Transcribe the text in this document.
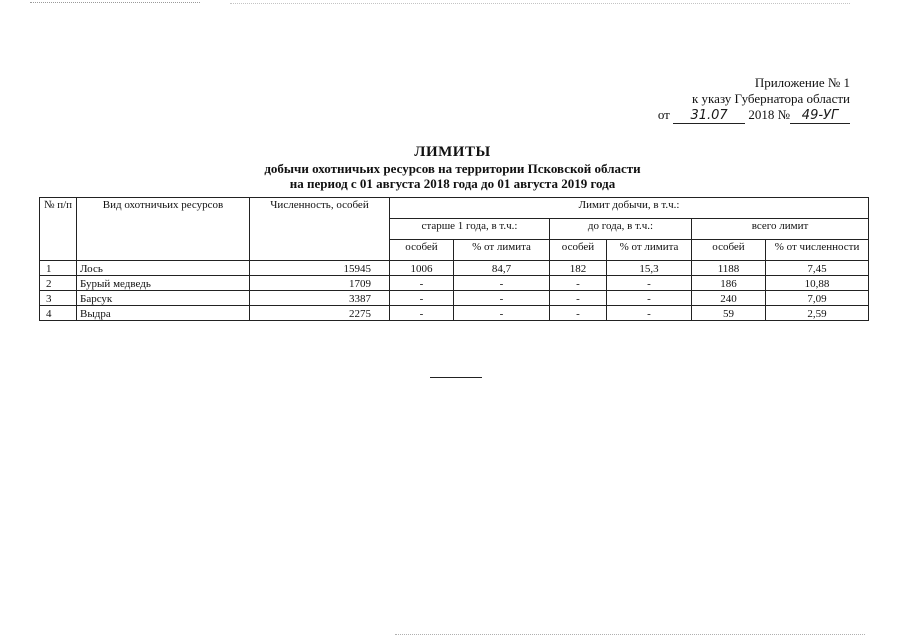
Приложение № 1
к указу Губернатора области
от 31.07 2018 № 49-УГ
ЛИМИТЫ
добычи охотничьих ресурсов на территории Псковской области
на период с 01 августа 2018 года до 01 августа 2019 года
№ п/п	Вид охотничьих ресурсов	Численность, особей	Лимит добычи, в т.ч.:					
			старше 1 года, в т.ч.:		до года, в т.ч.:		всего лимит	
			особей	% от лимита	особей	% от лимита	особей	% от численности
1	Лось	15945	1006	84,7	182	15,3	1188	7,45
2	Бурый медведь	1709	-	-	-	-	186	10,88
3	Барсук	3387	-	-	-	-	240	7,09
4	Выдра	2275	-	-	-	-	59	2,59
